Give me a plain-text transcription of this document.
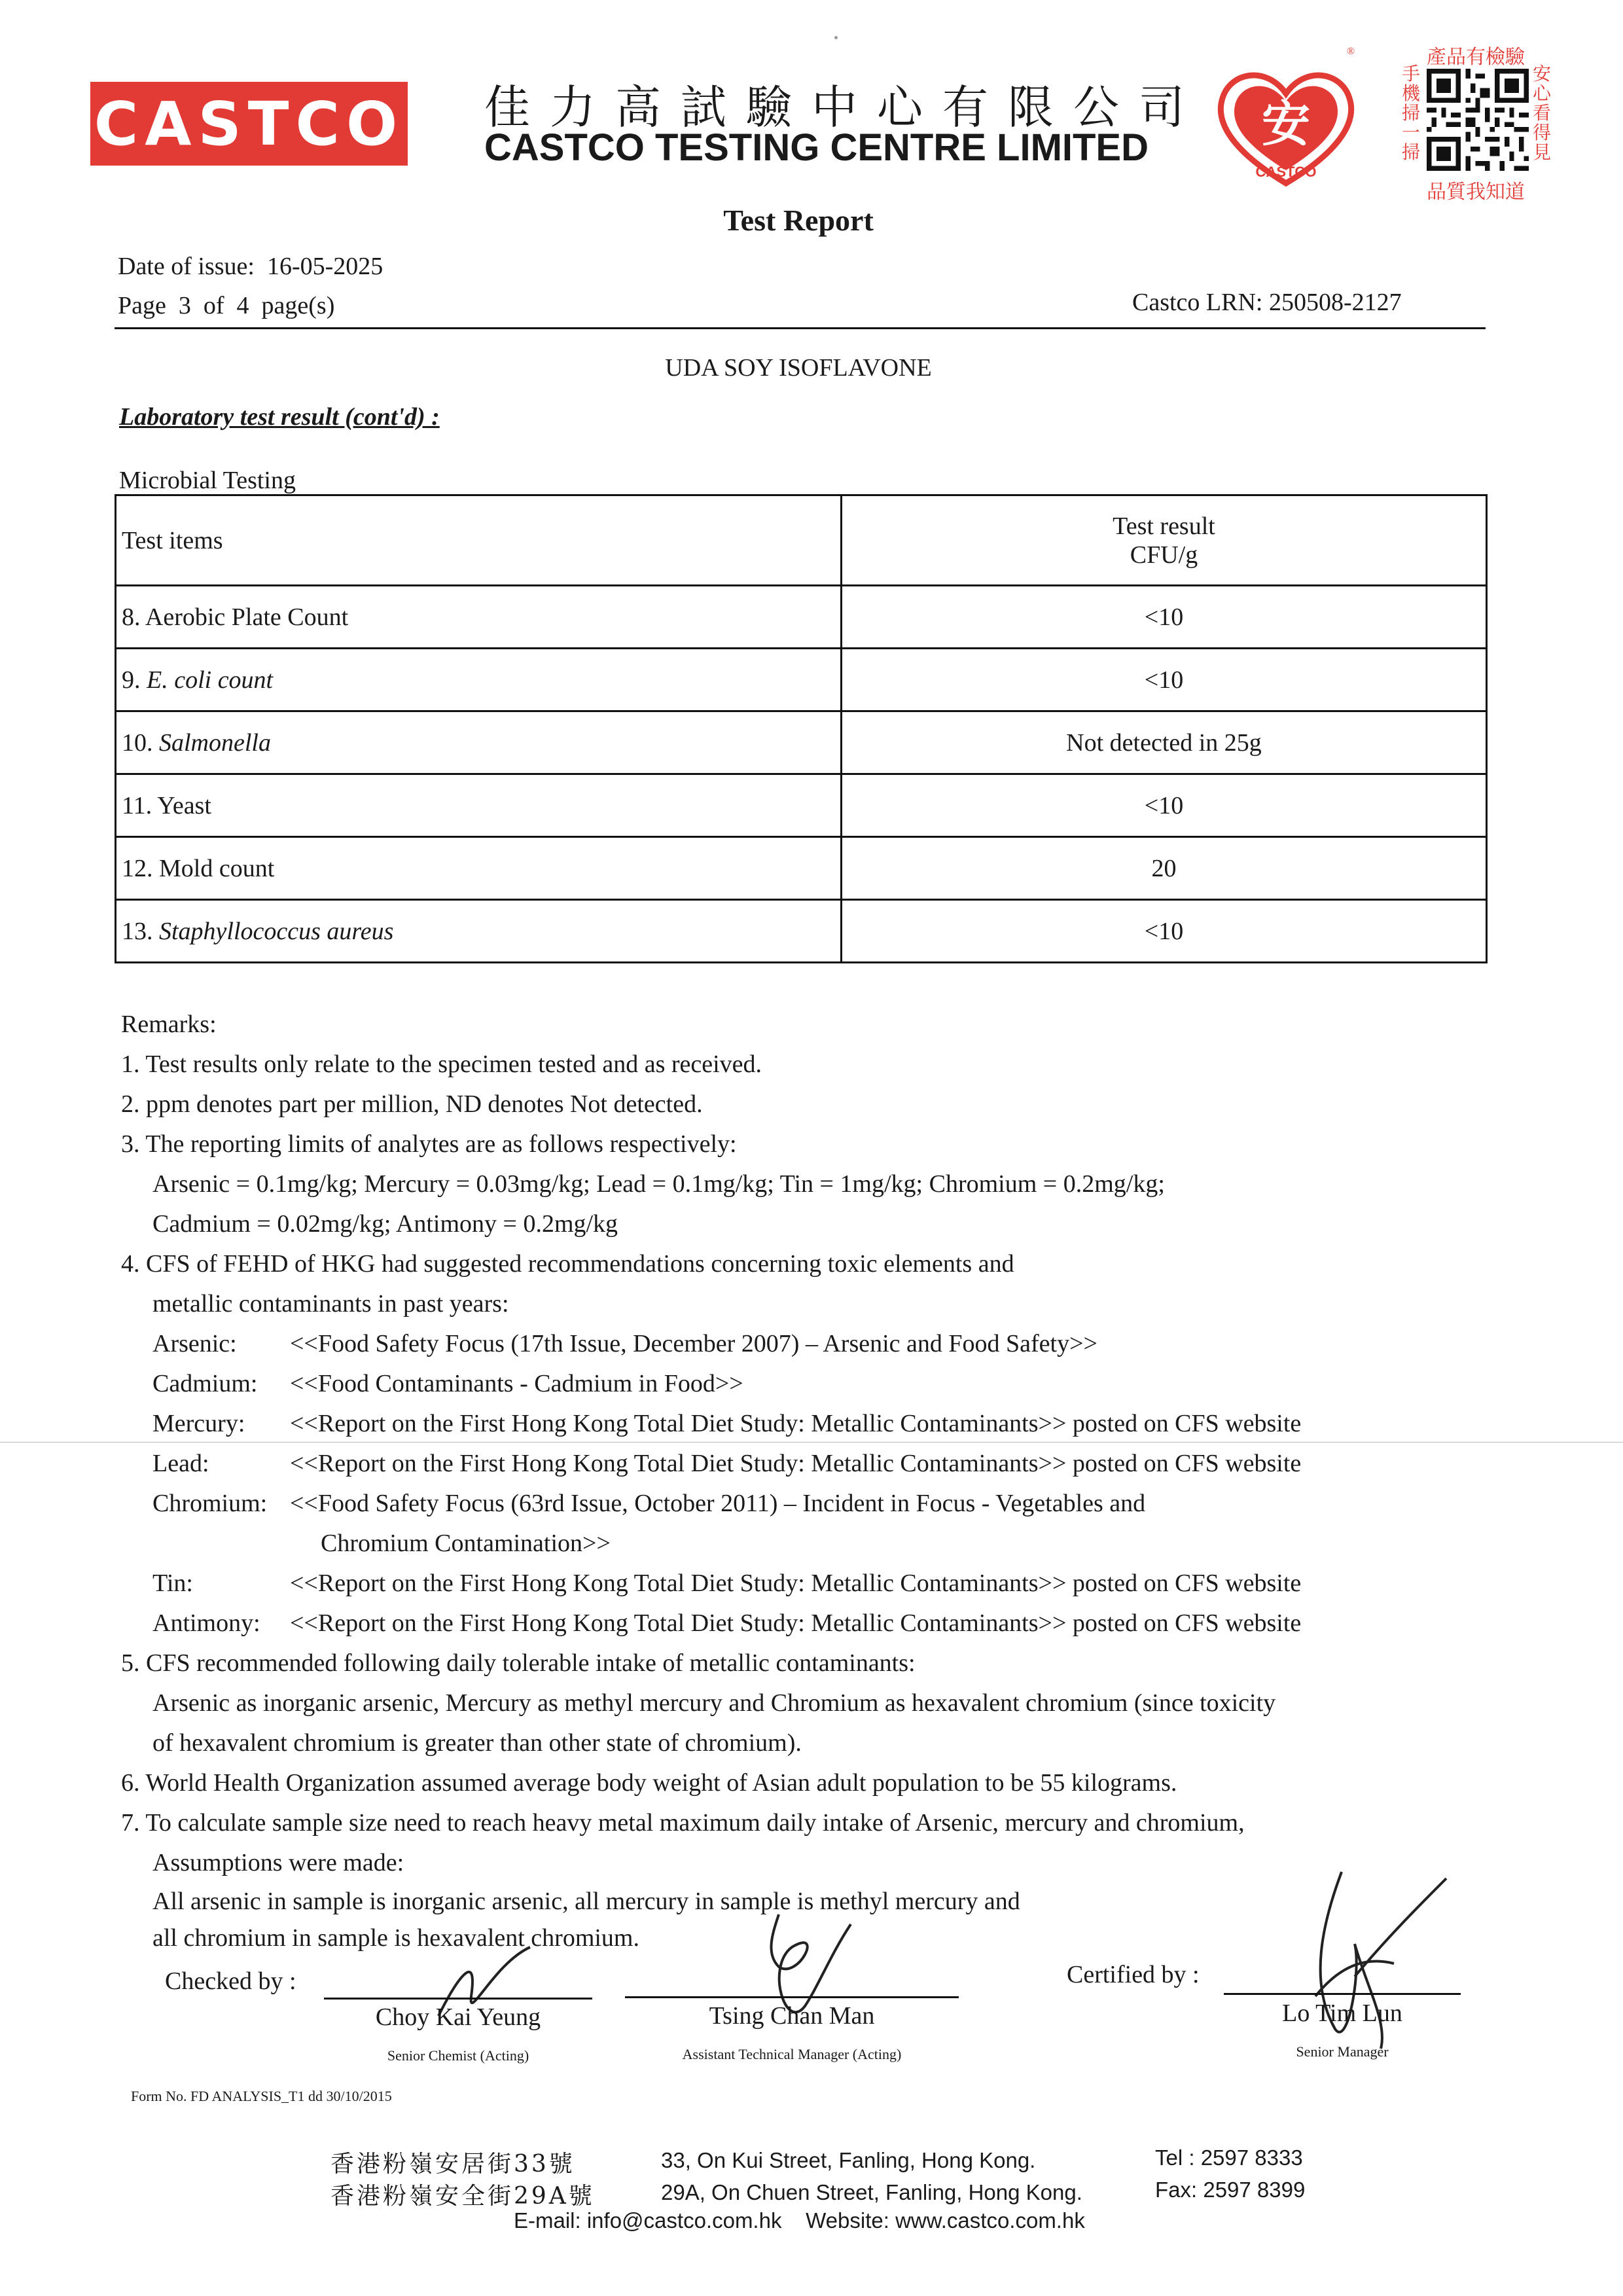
CASTCO 佳力高試驗中心有限公司
CASTCO TESTING CENTRE LIMITED 安
CASTCO
®	產品有檢驗
手機掃一掃
安心看得見
品質我知道
Test Report
Date of issue: 16-05-2025
Page  3  of  4  page(s)	Castco LRN: 250508-2127
UDA SOY ISOFLAVONE
Laboratory test result (cont'd) :
Microbial Testing
Test items	Test result
CFU/g

8. Aerobic Plate Count	<10
9. E. coli count	<10
10. Salmonella	Not detected in 25g
11. Yeast	<10
12. Mold count	20
13. Staphyllococcus aureus	<10
Remarks:
1. Test results only relate to the specimen tested and as received.
2. ppm denotes part per million, ND denotes Not detected.
3. The reporting limits of analytes are as follows respectively:
Arsenic = 0.1mg/kg; Mercury = 0.03mg/kg; Lead = 0.1mg/kg; Tin = 1mg/kg; Chromium = 0.2mg/kg;
Cadmium = 0.02mg/kg; Antimony = 0.2mg/kg
4. CFS of FEHD of HKG had suggested recommendations concerning toxic elements and
metallic contaminants in past years:
Arsenic:	<<Food Safety Focus (17th Issue, December 2007) – Arsenic and Food Safety>>
Cadmium:	<<Food Contaminants - Cadmium in Food>>
Mercury:	<<Report on the First Hong Kong Total Diet Study: Metallic Contaminants>> posted on CFS website
Lead:	<<Report on the First Hong Kong Total Diet Study: Metallic Contaminants>> posted on CFS website
Chromium: <<Food Safety Focus (63rd Issue, October 2011) – Incident in Focus - Vegetables and
Chromium Contamination>>
Tin:	<<Report on the First Hong Kong Total Diet Study: Metallic Contaminants>> posted on CFS website
Antimony:	<<Report on the First Hong Kong Total Diet Study: Metallic Contaminants>> posted on CFS website
5. CFS recommended following daily tolerable intake of metallic contaminants:
Arsenic as inorganic arsenic, Mercury as methyl mercury and Chromium as hexavalent chromium (since toxicity
of hexavalent chromium is greater than other state of chromium).
6. World Health Organization assumed average body weight of Asian adult population to be 55 kilograms.
7. To calculate sample size need to reach heavy metal maximum daily intake of Arsenic, mercury and chromium,
Assumptions were made:
All arsenic in sample is inorganic arsenic, all mercury in sample is methyl mercury and
all chromium in sample is hexavalent chromium.
Checked by :	Certified by :
Choy Kai Yeung
Senior Chemist (Acting)
Tsing Chan Man
Assistant Technical Manager (Acting)
Lo Tim Lun
Senior Manager
Form No. FD ANALYSIS_T1 dd 30/10/2015
香港粉嶺安居街33號
香港粉嶺安全街29A號
33, On Kui Street, Fanling, Hong Kong.
29A, On Chuen Street, Fanling, Hong Kong.
Tel : 2597 8333
Fax: 2597 8399
E-mail: info@castco.com.hk    Website: www.castco.com.hk
